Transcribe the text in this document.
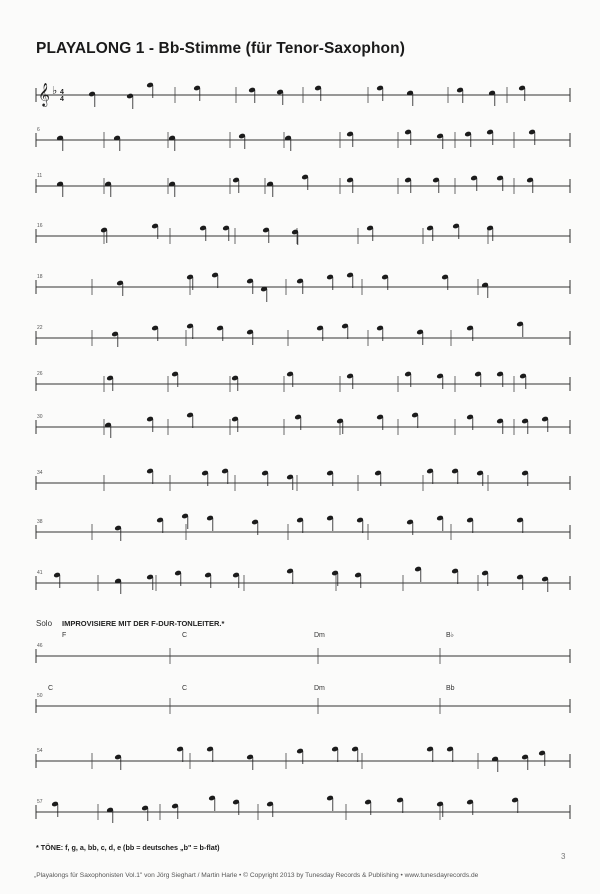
PLAYALONG 1 - Bb-Stimme (für Tenor-Saxophon)
𝄞 ♭ 4
4
6
11
16
18
22
26
30
34
38
41
46
50
54
57
Solo IMPROVISIERE MIT DER F-DUR-TONLEITER.*
F	C	Dm	B♭
C	C	Dm	Bb
* TÖNE: f, g, a, bb, c, d, e (bb = deutsches „b" = b-flat)
„Playalongs für Saxophonisten Vol.1" von Jörg Sieghart / Martin Harle • © Copyright 2013 by Tunesday Records & Publishing • www.tunesdayrecords.de
3
